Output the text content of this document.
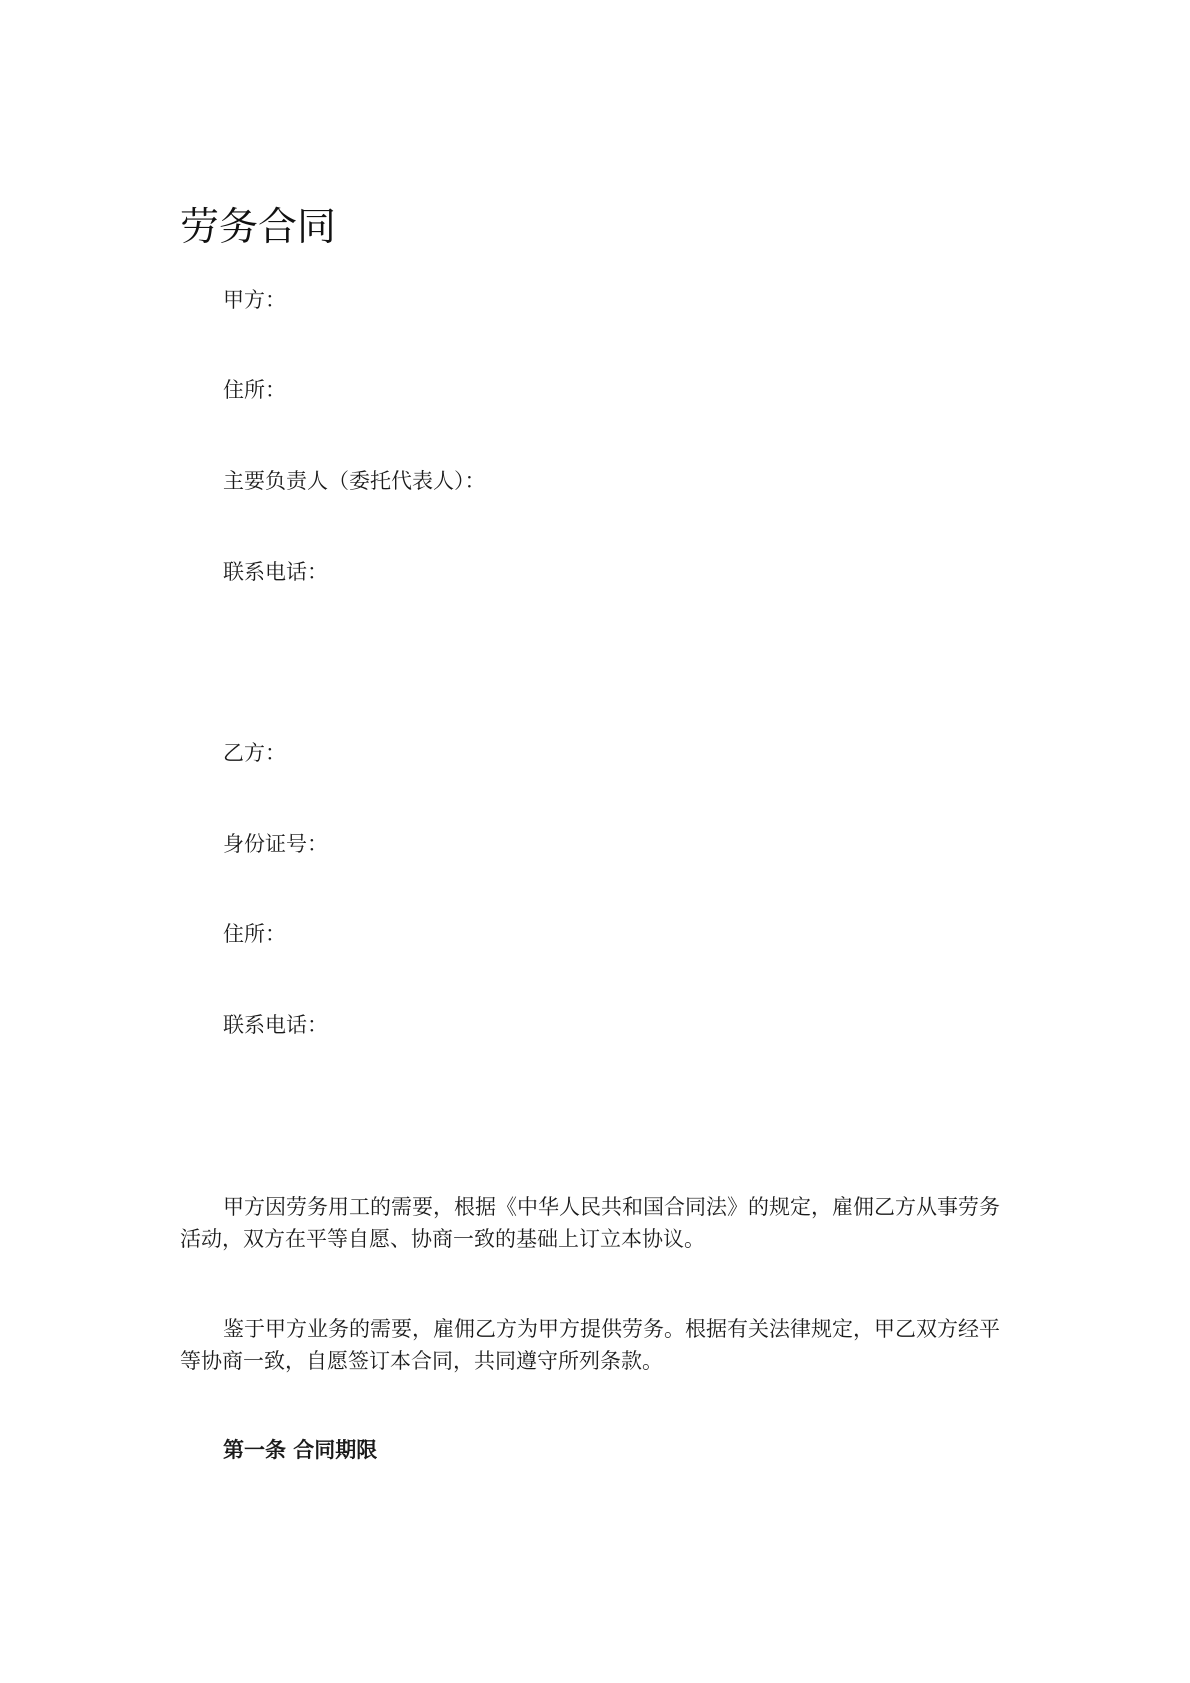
劳务合同
甲方：
住所：
主要负责人（委托代表人）：
联系电话：
乙方：
身份证号：
住所：
联系电话：

甲方因劳务用工的需要，根据《中华人民共和国合同法》的规定，雇佣乙方从事劳务活动，双方在平等自愿、协商一致的基础上订立本协议。

鉴于甲方业务的需要，雇佣乙方为甲方提供劳务。根据有关法律规定，甲乙双方经平等协商一致，自愿签订本合同，共同遵守所列条款。

第一条 合同期限
